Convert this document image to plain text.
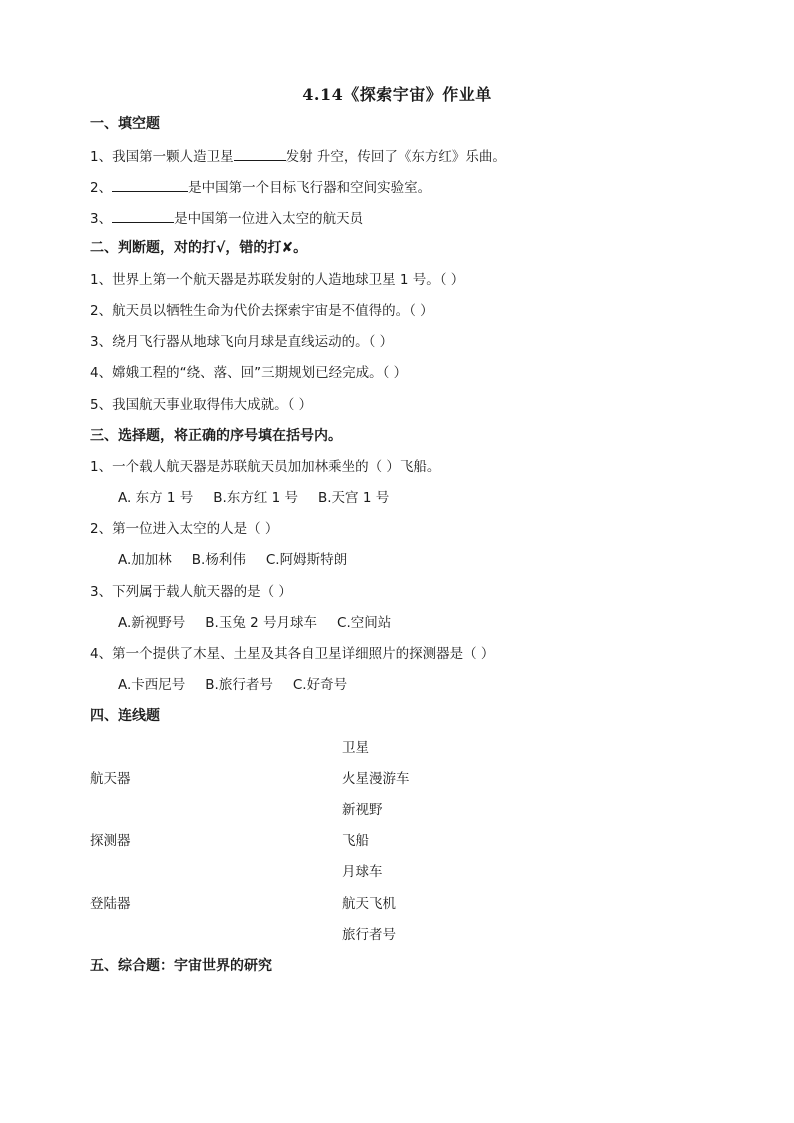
4.14《探索宇宙》作业单
一、填空题
1、我国第一颗人造卫星	发射 升空，传回了《东方红》乐曲。
2、	是中国第一个目标飞行器和空间实验室。
3、	是中国第一位进入太空的航天员
二、判断题，对的打√，错的打✘。
1、世界上第一个航天器是苏联发射的人造地球卫星 1 号。（ ）
2、航天员以牺牲生命为代价去探索宇宙是不值得的。（ ）
3、绕月飞行器从地球飞向月球是直线运动的。（ ）
4、嫦娥工程的“绕、落、回”三期规划已经完成。（ ）
5、我国航天事业取得伟大成就。（ ）
三、选择题，将正确的序号填在括号内。
1、一个载人航天器是苏联航天员加加林乘坐的（ ）飞船。
A. 东方 1 号 B.东方红 1 号 B.天宫 1 号
2、第一位进入太空的人是（ ）
A.加加林 B.杨利伟 C.阿姆斯特朗
3、下列属于载人航天器的是（ ）
A.新视野号 B.玉兔 2 号月球车 C.空间站
4、第一个提供了木星、土星及其各自卫星详细照片的探测器是（ ）
A.卡西尼号 B.旅行者号 C.好奇号
四、连线题
卫星
航天器	火星漫游车
新视野
探测器	飞船
月球车
登陆器	航天飞机
旅行者号
五、综合题：宇宙世界的研究
